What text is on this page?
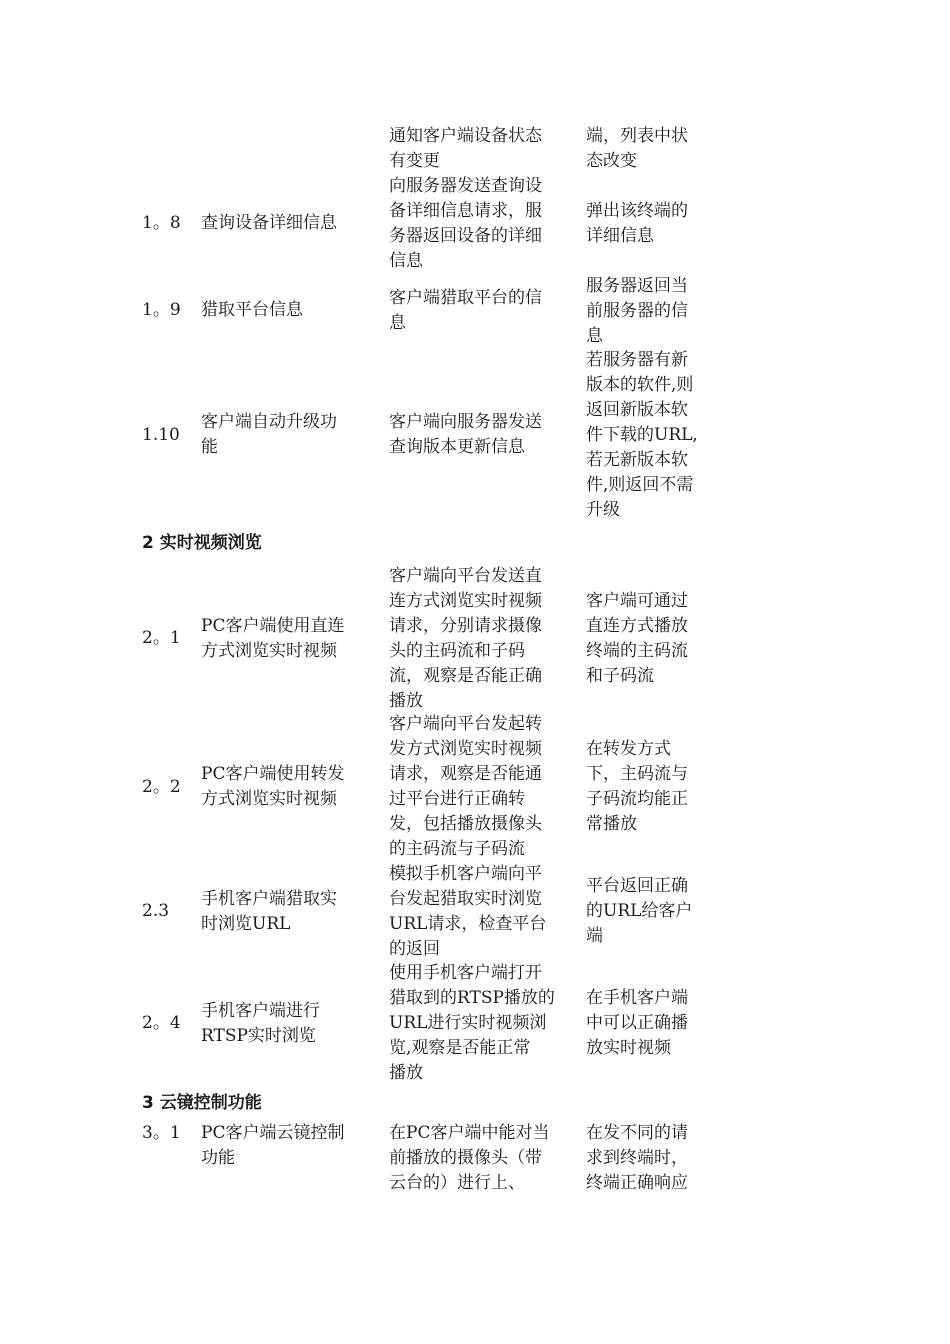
通知客户端设备状态
有变更
端，列表中状
态改变
1。8 查询设备详细信息
向服务器发送查询设
备详细信息请求，服
务器返回设备的详细
信息
弹出该终端的
详细信息
1。9 猎取平台信息
客户端猎取平台的信
息
服务器返回当
前服务器的信
息
1.10
客户端自动升级功
能
客户端向服务器发送
查询版本更新信息
若服务器有新
版本的软件,则
返回新版本软
件下载的URL,
若无新版本软
件,则返回不需
升级
2 实时视频浏览
2。1
PC客户端使用直连
方式浏览实时视频
客户端向平台发送直
连方式浏览实时视频
请求，分别请求摄像
头的主码流和子码
流，观察是否能正确
播放
客户端可通过
直连方式播放
终端的主码流
和子码流
2。2
PC客户端使用转发
方式浏览实时视频
客户端向平台发起转
发方式浏览实时视频
请求，观察是否能通
过平台进行正确转
发，包括播放摄像头
的主码流与子码流
在转发方式
下，主码流与
子码流均能正
常播放
2.3
手机客户端猎取实
时浏览URL
模拟手机客户端向平
台发起猎取实时浏览
URL请求，检查平台
的返回
平台返回正确
的URL给客户
端
2。4
手机客户端进行
RTSP实时浏览
使用手机客户端打开
猎取到的RTSP播放的
URL进行实时视频浏
览,观察是否能正常
播放
在手机客户端
中可以正确播
放实时视频
3 云镜控制功能
3。1 PC客户端云镜控制
功能
在PC客户端中能对当
前播放的摄像头（带
云台的）进行上、
在发不同的请
求到终端时，
终端正确响应
